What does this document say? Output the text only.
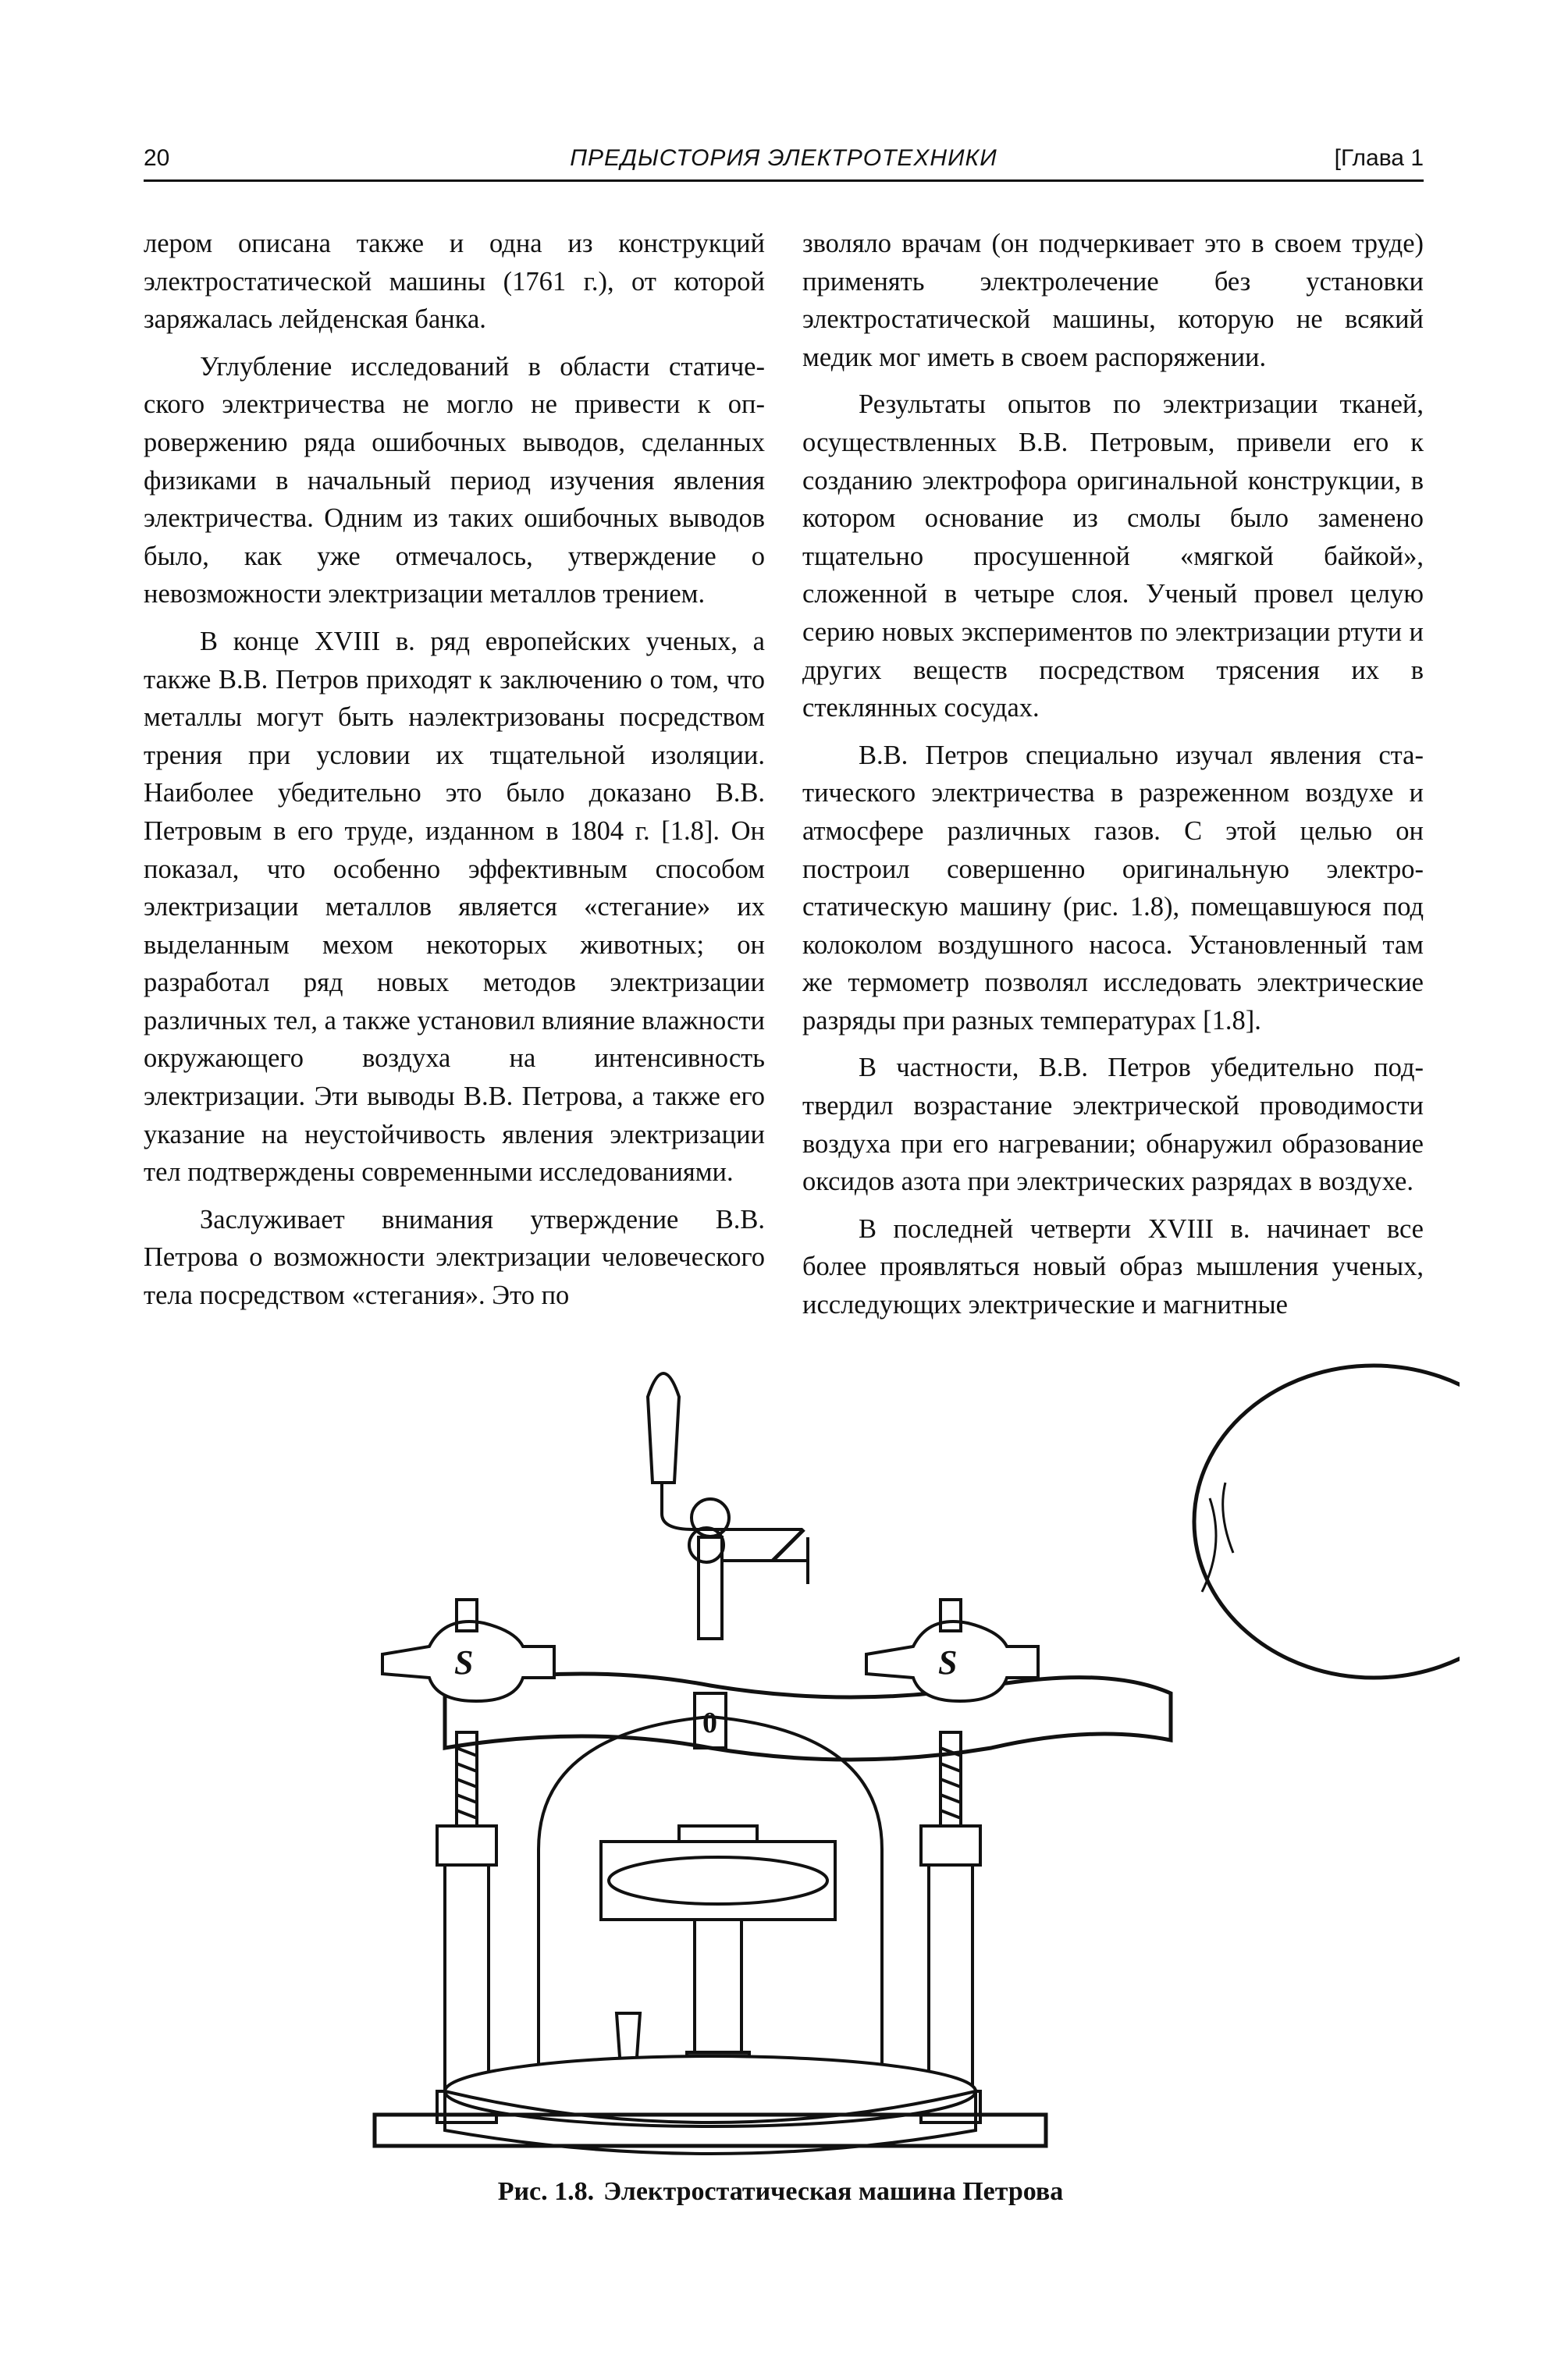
20	ПРЕДЫСТОРИЯ ЭЛЕКТРОТЕХНИКИ	[Глава 1

лером описана также и одна из конструкций электростатической машины (1761 г.), от которой заряжалась лейденская банка.

Углубление исследований в области статического электричества не могло не привести к опровержению ряда ошибочных выводов, сделанных физиками в начальный период изучения явления электричества. Одним из таких ошибочных выводов было, как уже отмечалось, утверждение о невозможности электризации металлов трением.

В конце XVIII в. ряд европейских ученых, а также В.В. Петров приходят к заключению о том, что металлы могут быть наэлектризованы посредством трения при условии их тщательной изоляции. Наиболее убедительно это было доказано В.В. Петровым в его труде, изданном в 1804 г. [1.8]. Он показал, что особенно эффективным способом электризации металлов является «стегание» их выделанным мехом некоторых животных; он разработал ряд новых методов электризации различных тел, а также установил влияние влажности окружающего воздуха на интенсивность электризации. Эти выводы В.В. Петрова, а также его указание на неустойчивость явления электризации тел подтверждены современными исследованиями.

Заслуживает внимания утверждение В.В. Петрова о возможности электризации человеческого тела посредством «стегания». Это по

зволяло врачам (он подчеркивает это в своем труде) применять электролечение без установки электростатической машины, которую не всякий медик мог иметь в своем распоряжении.

Результаты опытов по электризации тканей, осуществленных В.В. Петровым, привели его к созданию электрофора оригинальной конструкции, в котором основание из смолы было заменено тщательно просушенной «мягкой байкой», сложенной в четыре слоя. Ученый провел целую серию новых экспериментов по электризации ртути и других веществ посредством трясения их в стеклянных сосудах.

В.В. Петров специально изучал явления статического электричества в разреженном воздухе и атмосфере различных газов. С этой целью он построил совершенно оригинальную электростатическую машину (рис. 1.8), помещавшуюся под колоколом воздушного насоса. Установленный там же термометр позволял исследовать электрические разряды при разных температурах [1.8].

В частности, В.В. Петров убедительно подтвердил возрастание электрической проводимости воздуха при его нагревании; обнаружил образование оксидов азота при электрических разрядах в воздухе.

В последней четверти XVIII в. начинает все более проявляться новый образ мышления ученых, исследующих электрические и магнитные

S	S
0
Рис. 1.8. Электростатическая машина Петрова
